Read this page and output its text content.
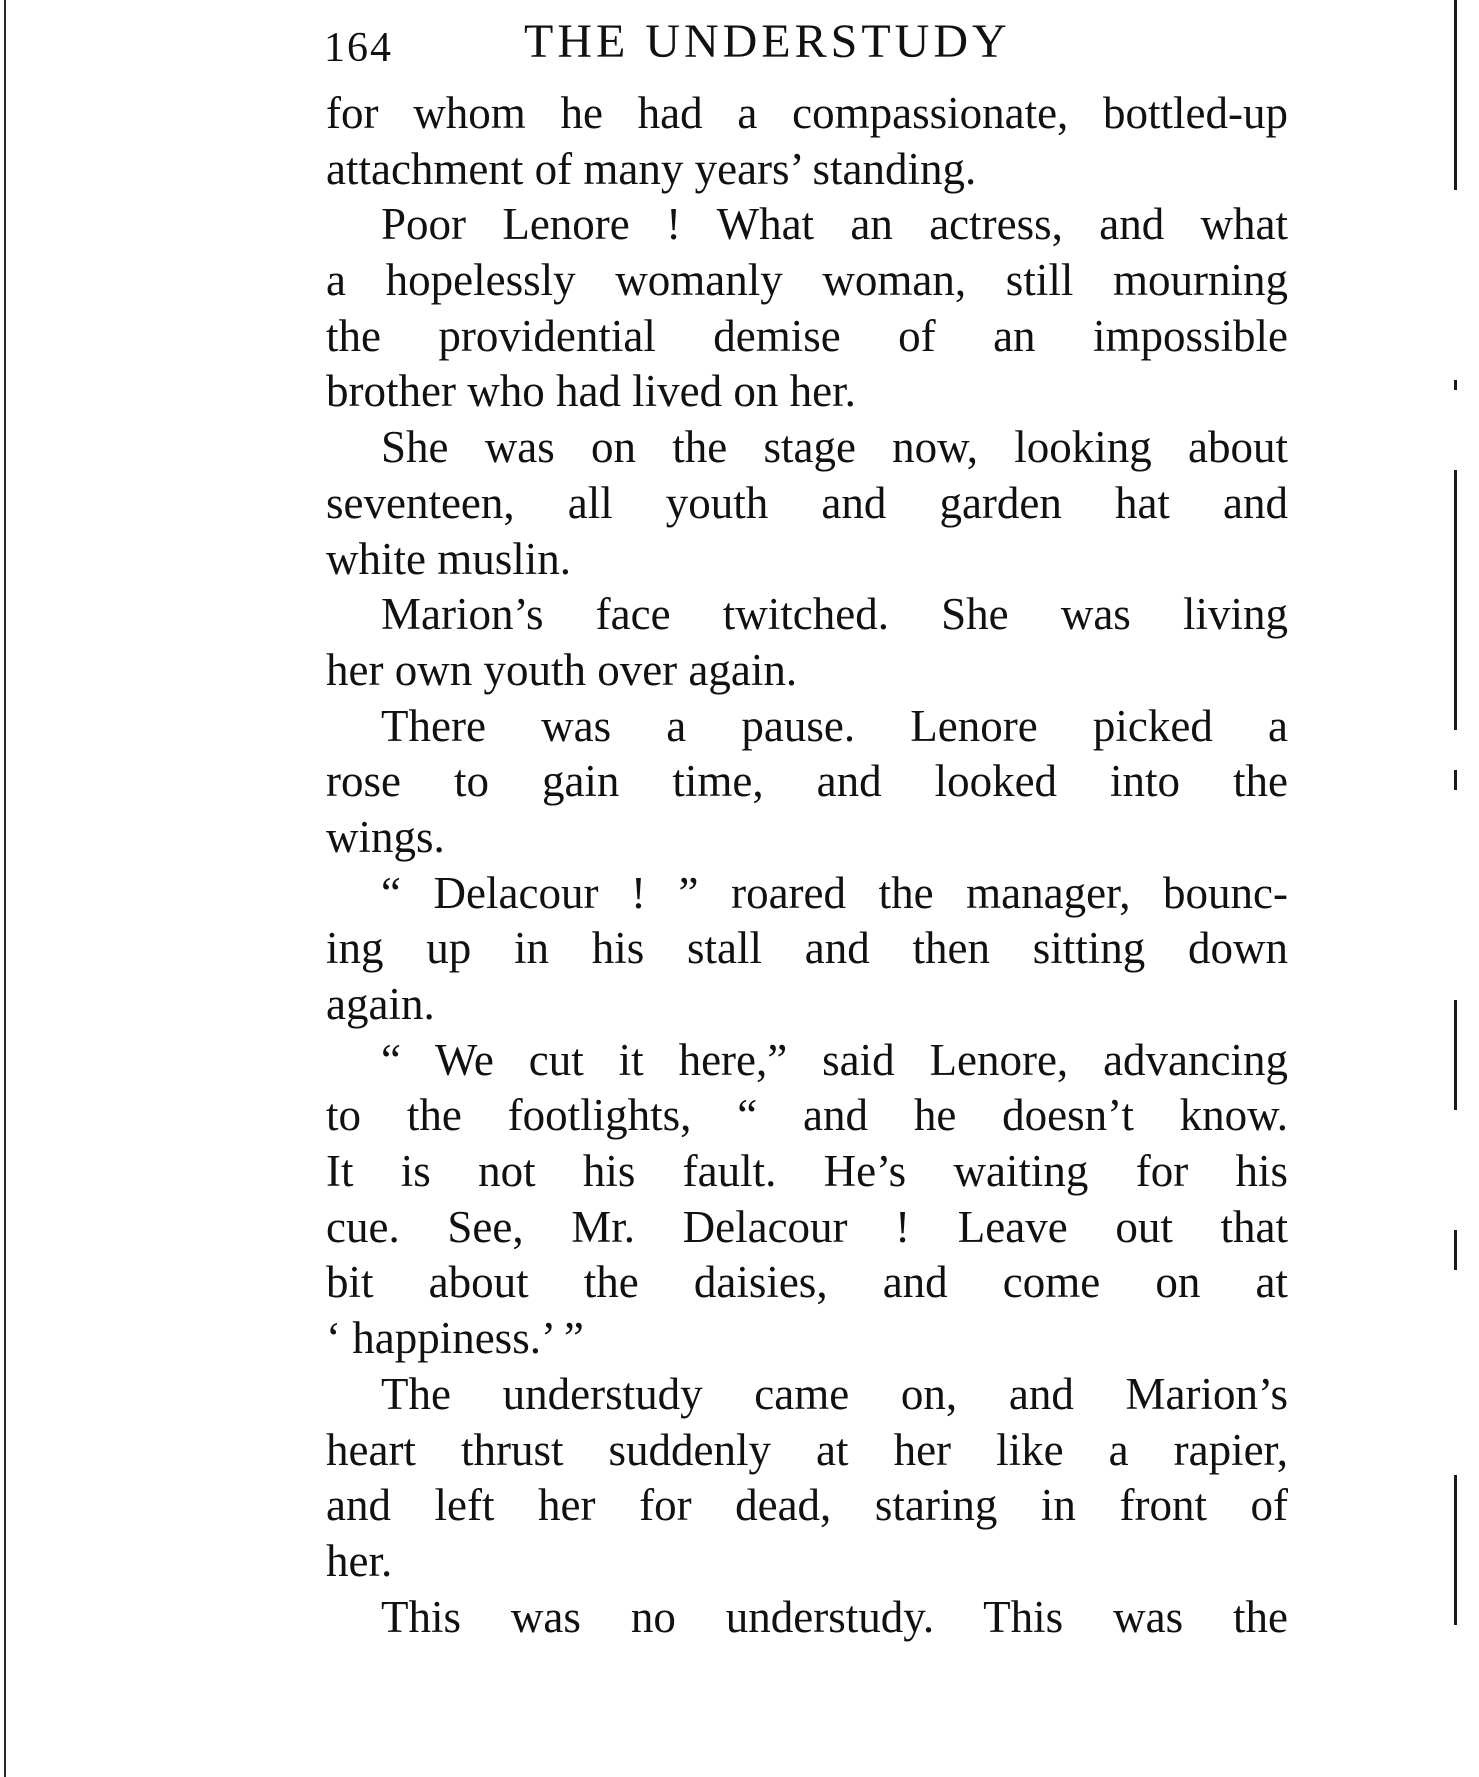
164	THE UNDERSTUDY
for whom he had a compassionate, bottled-up
attachment of many years’ standing.
Poor Lenore ! What an actress, and what
a hopelessly womanly woman, still mourning
the providential demise of an impossible
brother who had lived on her.
She was on the stage now, looking about
seventeen, all youth and garden hat and
white muslin.
Marion’s face twitched. She was living
her own youth over again.
There was a pause. Lenore picked a
rose to gain time, and looked into the
wings.
“ Delacour ! ” roared the manager, bounc-
ing up in his stall and then sitting down
again.
“ We cut it here,” said Lenore, advancing
to the footlights, “ and he doesn’t know.
It is not his fault. He’s waiting for his
cue. See, Mr. Delacour ! Leave out that
bit about the daisies, and come on at
‘ happiness.’ ”
The understudy came on, and Marion’s
heart thrust suddenly at her like a rapier,
and left her for dead, staring in front of
her.
This was no understudy. This was the
